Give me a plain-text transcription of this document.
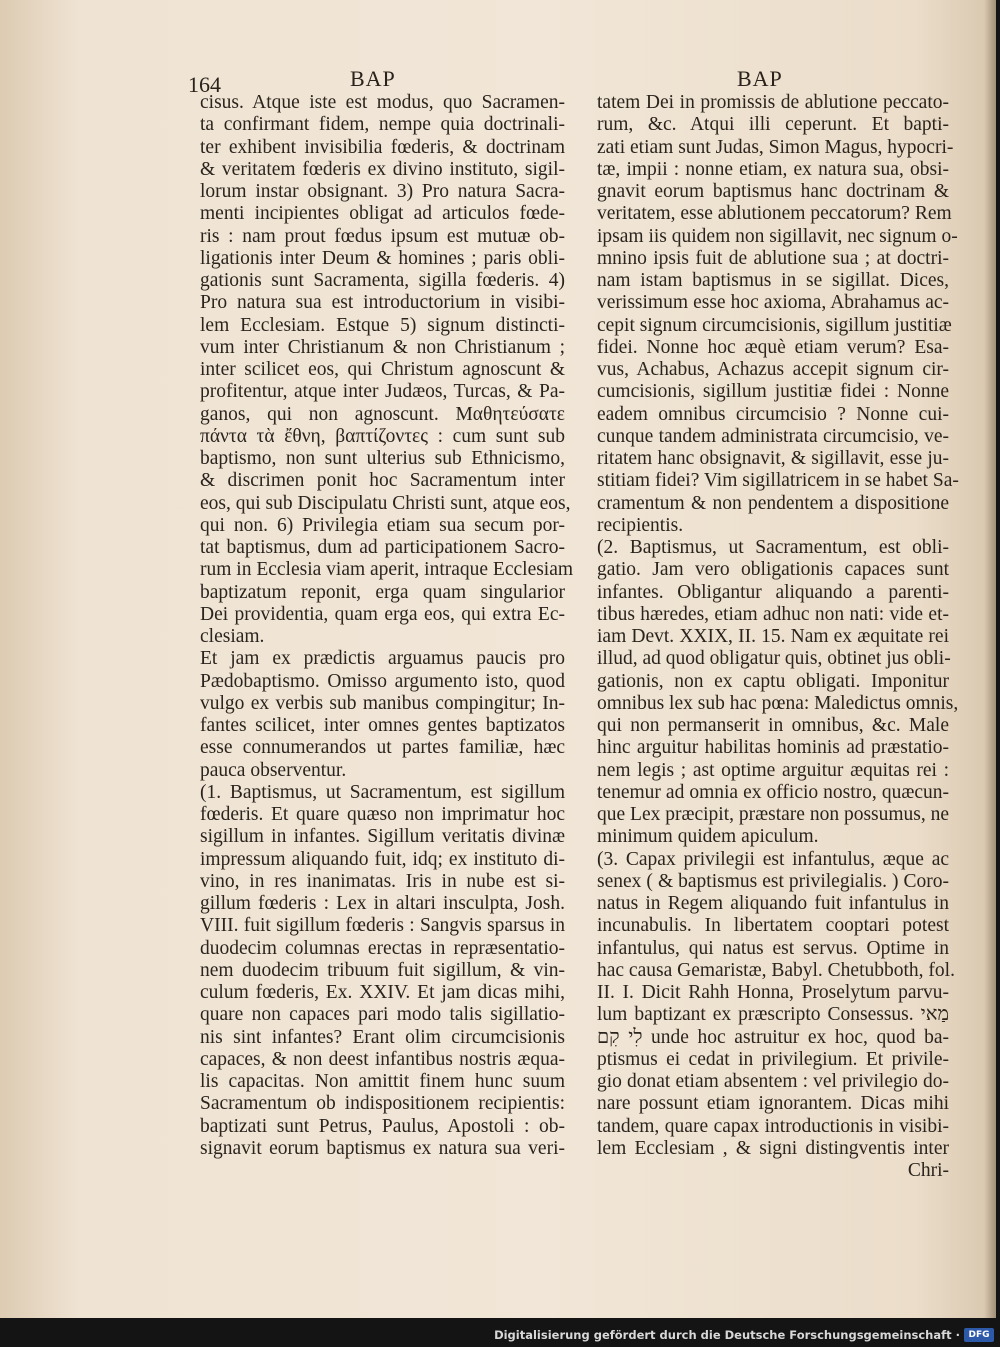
164	BAP	BAP
cisus. Atque iste est modus, quo Sacramen-
ta confirmant fidem, nempe quia doctrinali-
ter exhibent invisibilia fœderis, & doctrinam
& veritatem fœderis ex divino instituto, sigil-
lorum instar obsignant. 3) Pro natura Sacra-
menti incipientes obligat ad articulos fœde-
ris : nam prout fœdus ipsum est mutuæ ob-
ligationis inter Deum & homines ; paris obli-
gationis sunt Sacramenta, sigilla fœderis. 4)
Pro natura sua est introductorium in visibi-
lem Ecclesiam. Estque 5) signum distincti-
vum inter Christianum & non Christianum ;
inter scilicet eos, qui Christum agnoscunt &
profitentur, atque inter Judæos, Turcas, & Pa-
ganos, qui non agnoscunt. Μαθητεύσατε
πάντα τὰ ἔθνη, βαπτίζοντες : cum sunt sub
baptismo, non sunt ulterius sub Ethnicismo,
& discrimen ponit hoc Sacramentum inter
eos, qui sub Discipulatu Christi sunt, atque eos,
qui non. 6) Privilegia etiam sua secum por-
tat baptismus, dum ad participationem Sacro-
rum in Ecclesia viam aperit, intraque Ecclesiam
baptizatum reponit, erga quam singularior
Dei providentia, quam erga eos, qui extra Ec-
clesiam.
Et jam ex prædictis arguamus paucis pro
Pædobaptismo. Omisso argumento isto, quod
vulgo ex verbis sub manibus compingitur; In-
fantes scilicet, inter omnes gentes baptizatos
esse connumerandos ut partes familiæ, hæc
pauca observentur.
(1. Baptismus, ut Sacramentum, est sigillum
fœderis. Et quare quæso non imprimatur hoc
sigillum in infantes. Sigillum veritatis divinæ
impressum aliquando fuit, idq; ex instituto di-
vino, in res inanimatas. Iris in nube est si-
gillum fœderis : Lex in altari insculpta, Josh.
VIII. fuit sigillum fœderis : Sangvis sparsus in
duodecim columnas erectas in repræsentatio-
nem duodecim tribuum fuit sigillum, & vin-
culum fœderis, Ex. XXIV. Et jam dicas mihi,
quare non capaces pari modo talis sigillatio-
nis sint infantes? Erant olim circumcisionis
capaces, & non deest infantibus nostris æqua-
lis capacitas. Non amittit finem hunc suum
Sacramentum ob indispositionem recipientis:
baptizati sunt Petrus, Paulus, Apostoli : ob-
signavit eorum baptismus ex natura sua veri-
tatem Dei in promissis de ablutione peccato-
rum, &c. Atqui illi ceperunt. Et bapti-
zati etiam sunt Judas, Simon Magus, hypocri-
tæ, impii : nonne etiam, ex natura sua, obsi-
gnavit eorum baptismus hanc doctrinam &
veritatem, esse ablutionem peccatorum? Rem
ipsam iis quidem non sigillavit, nec signum o-
mnino ipsis fuit de ablutione sua ; at doctri-
nam istam baptismus in se sigillat. Dices,
verissimum esse hoc axioma, Abrahamus ac-
cepit signum circumcisionis, sigillum justitiæ
fidei. Nonne hoc æquè etiam verum? Esa-
vus, Achabus, Achazus accepit signum cir-
cumcisionis, sigillum justitiæ fidei : Nonne
eadem omnibus circumcisio ? Nonne cui-
cunque tandem administrata circumcisio, ve-
ritatem hanc obsignavit, & sigillavit, esse ju-
stitiam fidei? Vim sigillatricem in se habet Sa-
cramentum & non pendentem a dispositione
recipientis.
(2. Baptismus, ut Sacramentum, est obli-
gatio. Jam vero obligationis capaces sunt
infantes. Obligantur aliquando a parenti-
tibus hæredes, etiam adhuc non nati: vide et-
iam Devt. XXIX, II. 15. Nam ex æquitate rei
illud, ad quod obligatur quis, obtinet jus obli-
gationis, non ex captu obligati. Imponitur
omnibus lex sub hac pœna: Maledictus omnis,
qui non permanserit in omnibus, &c. Male
hinc arguitur habilitas hominis ad præstatio-
nem legis ; ast optime arguitur æquitas rei :
tenemur ad omnia ex officio nostro, quæcun-
que Lex præcipit, præstare non possumus, ne
minimum quidem apiculum.
(3. Capax privilegii est infantulus, æque ac
senex ( & baptismus est privilegialis. ) Coro-
natus in Regem aliquando fuit infantulus in
incunabulis. In libertatem cooptari potest
infantulus, qui natus est servus. Optime in
hac causa Gemaristæ, Babyl. Chetubboth, fol.
II. I. Dicit Rahh Honna, Proselytum parvu-
lum baptizant ex præscripto Consessus. מַאי
לִי קִם unde hoc astruitur ex hoc, quod ba-
ptismus ei cedat in privilegium. Et privile-
gio donat etiam absentem : vel privilegio do-
nare possunt etiam ignorantem. Dicas mihi
tandem, quare capax introductionis in visibi-
lem Ecclesiam , & signi distingventis inter
Chri-
Digitalisierung gefördert durch die Deutsche Forschungsgemeinschaft · DFG
